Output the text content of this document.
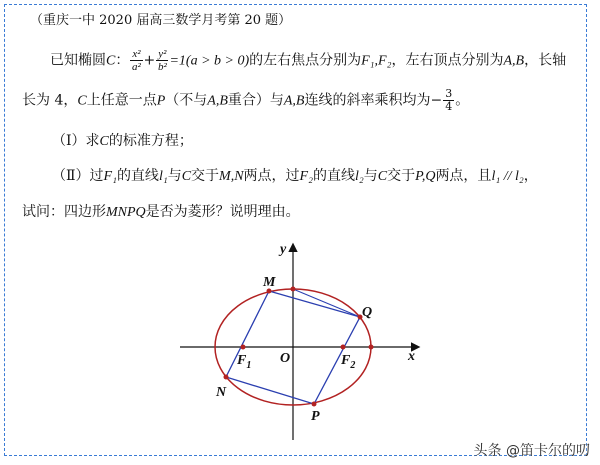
（重庆一中 2020 届高三数学月考第 20 题）
已知椭圆C： $\frac{\text{x²}}{\text{a²}} + \frac{\text{y²}}{\text{b²}} =1(a > b > 0)$的左右焦点分别为F₁,F₂，左右顶点分别为A,B，长轴
长为 4，C上任意一点P（不与A,B重合）与A,B连线的斜率乘积均为− $\frac{3}{4}$ 。
（Ⅰ）求C的标准方程；
（Ⅱ）过F₁的直线l₁与C交于M,N两点，过F₂的直线l₂与C交于P,Q两点，且l₁ // l₂，
试问：四边形MNPQ是否为菱形？说明理由。
M
Q
N
P
O
$F_1$	$F_2$
x
y
头条 @笛卡尔的叨
